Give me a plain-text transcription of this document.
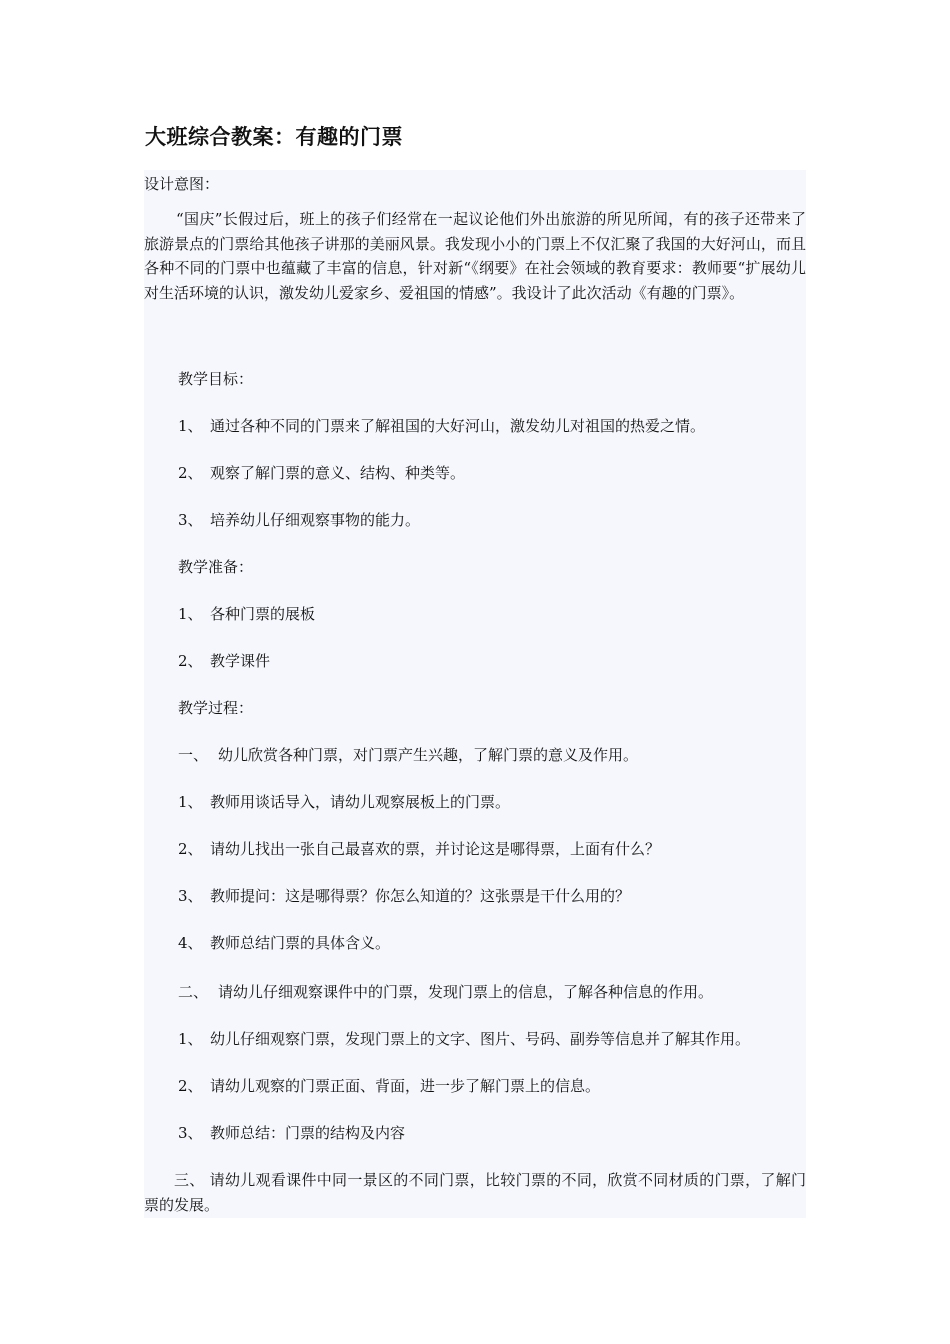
大班综合教案：有趣的门票

设计意图：

“国庆”长假过后，班上的孩子们经常在一起议论他们外出旅游的所见所闻，有的孩子还带来了旅游景点的门票给其他孩子讲那的美丽风景。我发现小小的门票上不仅汇聚了我国的大好河山，而且各种不同的门票中也蕴藏了丰富的信息，针对新“《纲要》在社会领域的教育要求：教师要“扩展幼儿对生活环境的认识，激发幼儿爱家乡、爱祖国的情感”。我设计了此次活动《有趣的门票》。

教学目标：

1、 通过各种不同的门票来了解祖国的大好河山，激发幼儿对祖国的热爱之情。

2、 观察了解门票的意义、结构、种类等。

3、 培养幼儿仔细观察事物的能力。

教学准备：

1、 各种门票的展板

2、 教学课件

教学过程：

一、 幼儿欣赏各种门票，对门票产生兴趣，了解门票的意义及作用。

1、 教师用谈话导入，请幼儿观察展板上的门票。

2、 请幼儿找出一张自己最喜欢的票，并讨论这是哪得票，上面有什么？

3、 教师提问：这是哪得票？你怎么知道的？这张票是干什么用的？

4、 教师总结门票的具体含义。

二、 请幼儿仔细观察课件中的门票，发现门票上的信息，了解各种信息的作用。

1、 幼儿仔细观察门票，发现门票上的文字、图片、号码、副券等信息并了解其作用。

2、 请幼儿观察的门票正面、背面，进一步了解门票上的信息。

3、 教师总结：门票的结构及内容

三、 请幼儿观看课件中同一景区的不同门票，比较门票的不同，欣赏不同材质的门票，了解门票的发展。
